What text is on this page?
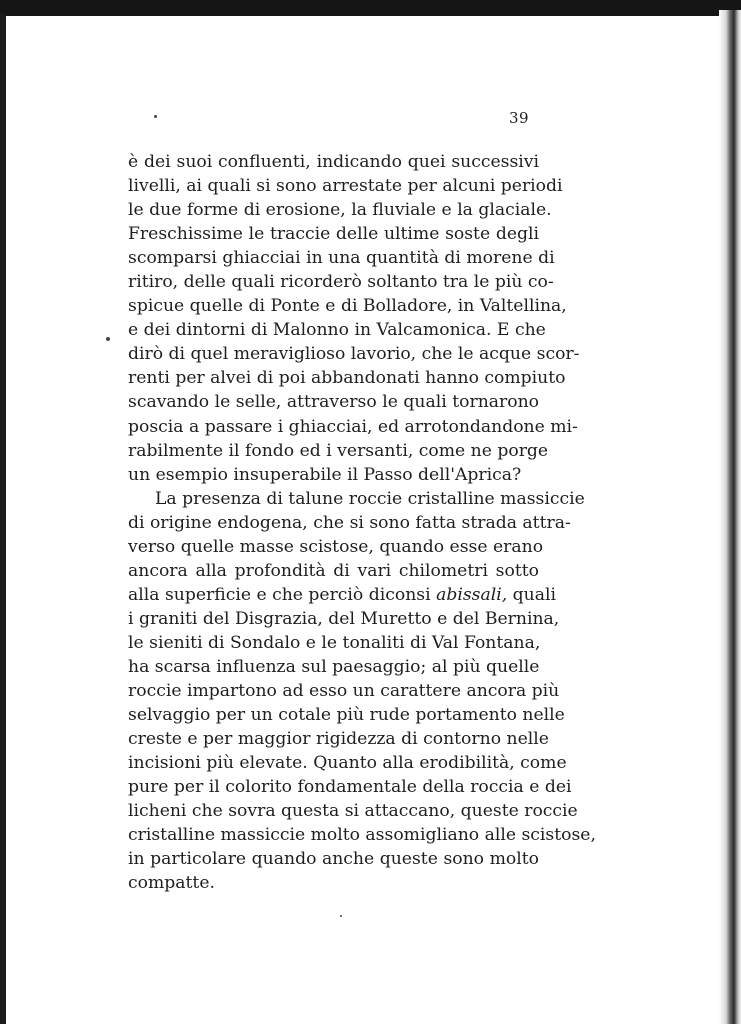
39
è dei suoi confluenti, indicando quei successivi
livelli, ai quali si sono arrestate per alcuni periodi
le due forme di erosione, la fluviale e la glaciale.
Freschissime le traccie delle ultime soste degli
scomparsi ghiacciai in una quantità di morene di
ritiro, delle quali ricorderò soltanto tra le più co-
spicue quelle di Ponte e di Bolladore, in Valtellina,
e dei dintorni di Malonno in Valcamonica. E che
dirò di quel meraviglioso lavorio, che le acque scor-
renti per alvei di poi abbandonati hanno compiuto
scavando le selle, attraverso le quali tornarono
poscia a passare i ghiacciai, ed arrotondandone mi-
rabilmente il fondo ed i versanti, come ne porge
un esempio insuperabile il Passo dell'Aprica?
La presenza di talune roccie cristalline massiccie
di origine endogena, che si sono fatta strada attra-
verso quelle masse scistose, quando esse erano
ancora alla profondità di vari chilometri sotto
alla superficie e che perciò diconsi abissali, quali
i graniti del Disgrazia, del Muretto e del Bernina,
le sieniti di Sondalo e le tonaliti di Val Fontana,
ha scarsa influenza sul paesaggio; al più quelle
roccie impartono ad esso un carattere ancora più
selvaggio per un cotale più rude portamento nelle
creste e per maggior rigidezza di contorno nelle
incisioni più elevate. Quanto alla erodibilità, come
pure per il colorito fondamentale della roccia e dei
licheni che sovra questa si attaccano, queste roccie
cristalline massiccie molto assomigliano alle scistose,
in particolare quando anche queste sono molto
compatte.
